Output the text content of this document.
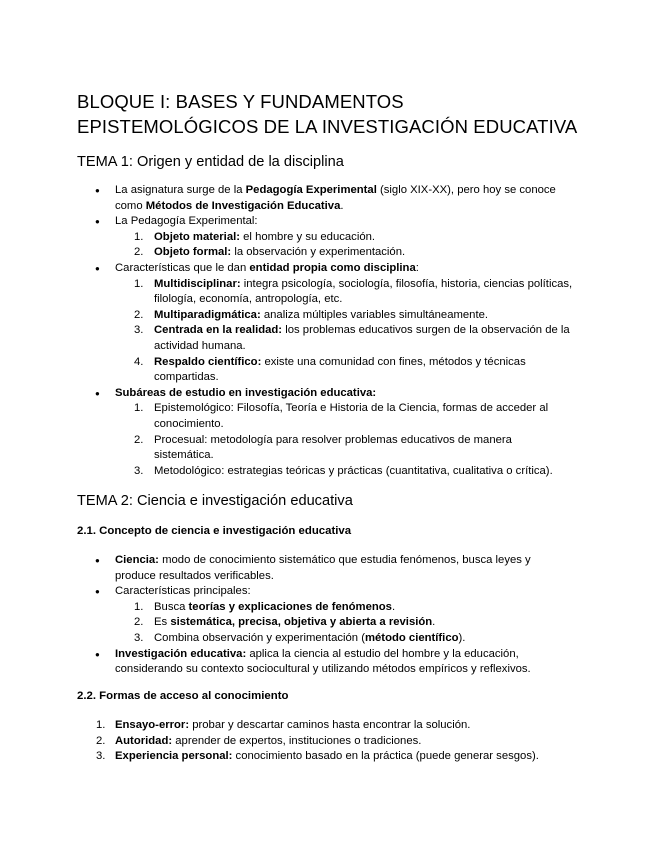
BLOQUE I: BASES Y FUNDAMENTOS
EPISTEMOLÓGICOS DE LA INVESTIGACIÓN EDUCATIVA
TEMA 1: Origen y entidad de la disciplina
● La asignatura surge de la Pedagogía Experimental (siglo XIX-XX), pero hoy se conoce como Métodos de Investigación Educativa.
● La Pedagogía Experimental:
1. Objeto material: el hombre y su educación.
2. Objeto formal: la observación y experimentación.
● Características que le dan entidad propia como disciplina:
1. Multidisciplinar: integra psicología, sociología, filosofía, historia, ciencias políticas, filología, economía, antropología, etc.
2. Multiparadigmática: analiza múltiples variables simultáneamente.
3. Centrada en la realidad: los problemas educativos surgen de la observación de la actividad humana.
4. Respaldo científico: existe una comunidad con fines, métodos y técnicas compartidas.
● Subáreas de estudio en investigación educativa:
1. Epistemológico: Filosofía, Teoría e Historia de la Ciencia, formas de acceder al conocimiento.
2. Procesual: metodología para resolver problemas educativos de manera sistemática.
3. Metodológico: estrategias teóricas y prácticas (cuantitativa, cualitativa o crítica).
TEMA 2: Ciencia e investigación educativa
2.1. Concepto de ciencia e investigación educativa
● Ciencia: modo de conocimiento sistemático que estudia fenómenos, busca leyes y produce resultados verificables.
● Características principales:
1. Busca teorías y explicaciones de fenómenos.
2. Es sistemática, precisa, objetiva y abierta a revisión.
3. Combina observación y experimentación (método científico).
● Investigación educativa: aplica la ciencia al estudio del hombre y la educación, considerando su contexto sociocultural y utilizando métodos empíricos y reflexivos.
2.2. Formas de acceso al conocimiento
1. Ensayo-error: probar y descartar caminos hasta encontrar la solución.
2. Autoridad: aprender de expertos, instituciones o tradiciones.
3. Experiencia personal: conocimiento basado en la práctica (puede generar sesgos).
